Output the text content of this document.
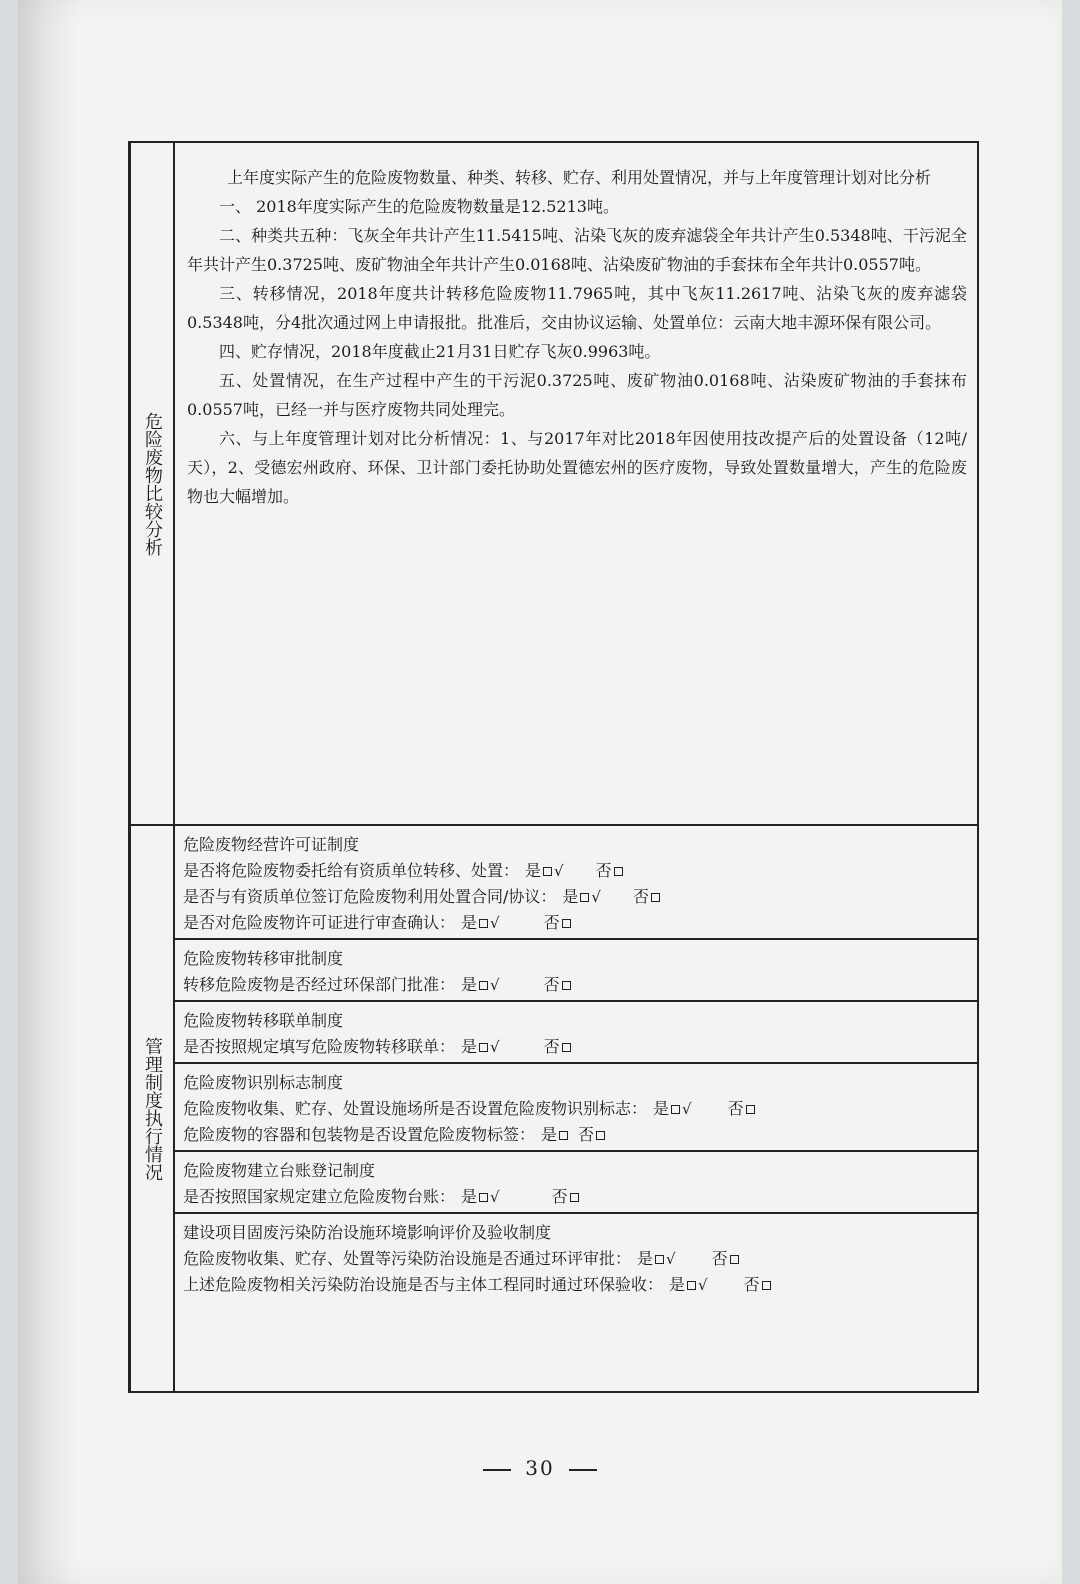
危险废物比较分析

上年度实际产生的危险废物数量、种类、转移、贮存、利用处置情况，并与上年度管理计划对比分析

一、 2018年度实际产生的危险废物数量是12.5213吨。

二、种类共五种：飞灰全年共计产生11.5415吨、沾染飞灰的废弃滤袋全年共计产生0.5348吨、干污泥全年共计产生0.3725吨、废矿物油全年共计产生0.0168吨、沾染废矿物油的手套抹布全年共计0.0557吨。

三、转移情况，2018年度共计转移危险废物11.7965吨，其中飞灰11.2617吨、沾染飞灰的废弃滤袋0.5348吨，分4批次通过网上申请报批。批准后，交由协议运输、处置单位：云南大地丰源环保有限公司。

四、贮存情况，2018年度截止21月31日贮存飞灰0.9963吨。

五、处置情况，在生产过程中产生的干污泥0.3725吨、废矿物油0.0168吨、沾染废矿物油的手套抹布0.0557吨，已经一并与医疗废物共同处理完。

六、与上年度管理计划对比分析情况：1、与2017年对比2018年因使用技改提产后的处置设备（12吨/天），2、受德宏州政府、环保、卫计部门委托协助处置德宏州的医疗废物，导致处置数量增大，产生的危险废物也大幅增加。

管理制度执行情况
危险废物经营许可证制度
是否将危险废物委托给有资质单位转移、处置： 是 √ 否
是否与有资质单位签订危险废物利用处置合同/协议： 是 √ 否
是否对危险废物许可证进行审查确认： 是 √	否
危险废物转移审批制度
转移危险废物是否经过环保部门批准： 是 √	否
危险废物转移联单制度
是否按照规定填写危险废物转移联单： 是 √	否
危险废物识别标志制度
危险废物收集、贮存、处置设施场所是否设置危险废物识别标志： 是 √ 否
危险废物的容器和包装物是否设置危险废物标签： 是 否
危险废物建立台账登记制度
是否按照国家规定建立危险废物台账： 是 √	否
建设项目固废污染防治设施环境影响评价及验收制度
危险废物收集、贮存、处置等污染防治设施是否通过环评审批： 是 √ 否
上述危险废物相关污染防治设施是否与主体工程同时通过环保验收： 是 √ 否
30
